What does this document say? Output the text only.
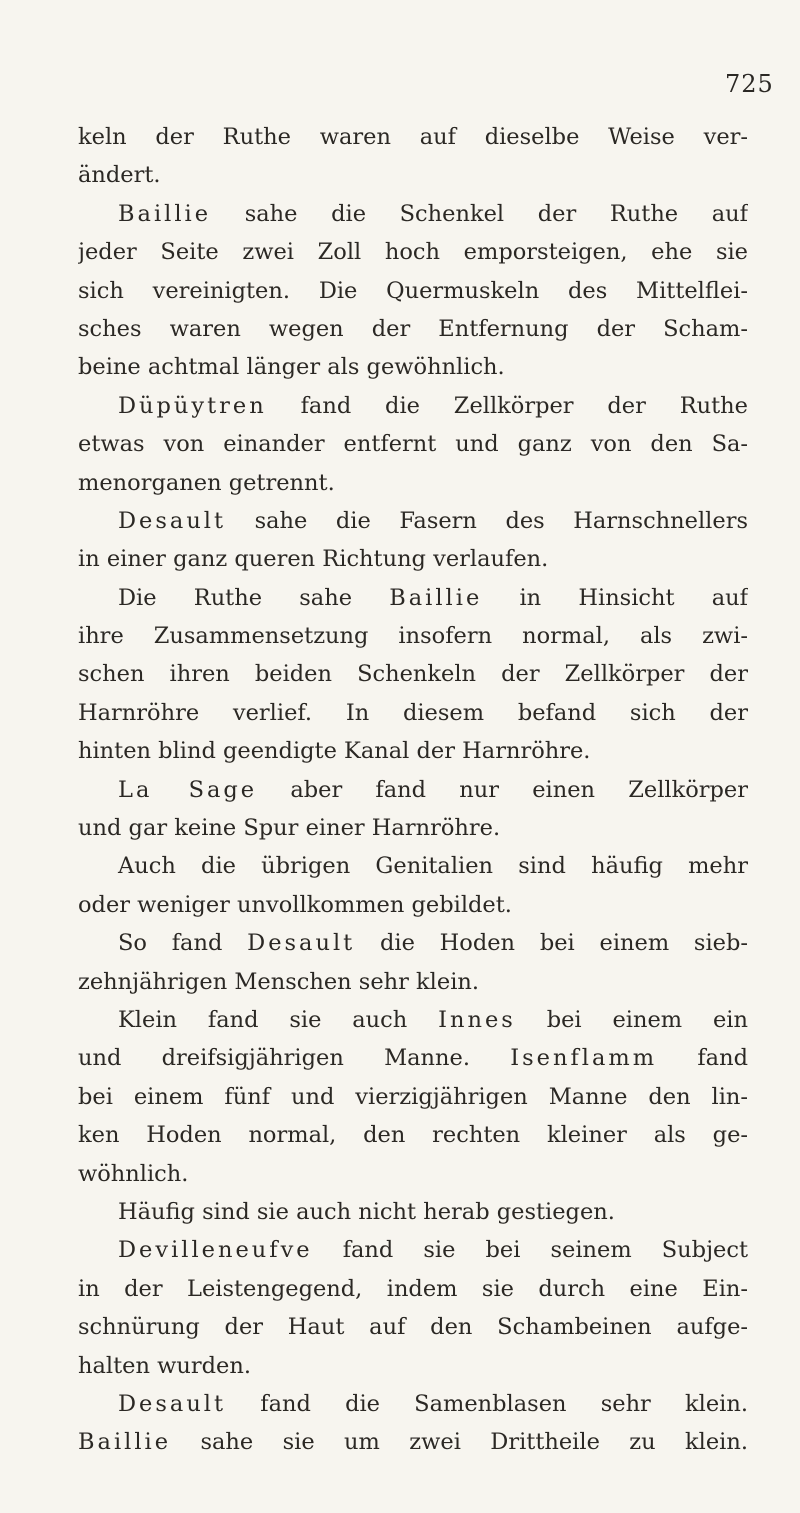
725
keln der Ruthe waren auf dieselbe Weise ver-
ändert.
Baillie sahe die Schenkel der Ruthe auf
jeder Seite zwei Zoll hoch emporsteigen, ehe sie
sich vereinigten. Die Quermuskeln des Mittelflei-
sches waren wegen der Entfernung der Scham-
beine achtmal länger als gewöhnlich.
Düpüytren fand die Zellkörper der Ruthe
etwas von einander entfernt und ganz von den Sa-
menorganen getrennt.
Desault sahe die Fasern des Harnschnellers
in einer ganz queren Richtung verlaufen.
Die Ruthe sahe Baillie in Hinsicht auf
ihre Zusammensetzung insofern normal, als zwi-
schen ihren beiden Schenkeln der Zellkörper der
Harnröhre verlief. In diesem befand sich der
hinten blind geendigte Kanal der Harnröhre.
La Sage aber fand nur einen Zellkörper
und gar keine Spur einer Harnröhre.
Auch die übrigen Genitalien sind häufig mehr
oder weniger unvollkommen gebildet.
So fand Desault die Hoden bei einem sieb-
zehnjährigen Menschen sehr klein.
Klein fand sie auch Innes bei einem ein
und dreifsigjährigen Manne. Isenflamm fand
bei einem fünf und vierzigjährigen Manne den lin-
ken Hoden normal, den rechten kleiner als ge-
wöhnlich.
Häufig sind sie auch nicht herab gestiegen.
Devilleneufve fand sie bei seinem Subject
in der Leistengegend, indem sie durch eine Ein-
schnürung der Haut auf den Schambeinen aufge-
halten wurden.
Desault fand die Samenblasen sehr klein.
Baillie sahe sie um zwei Drittheile zu klein.
